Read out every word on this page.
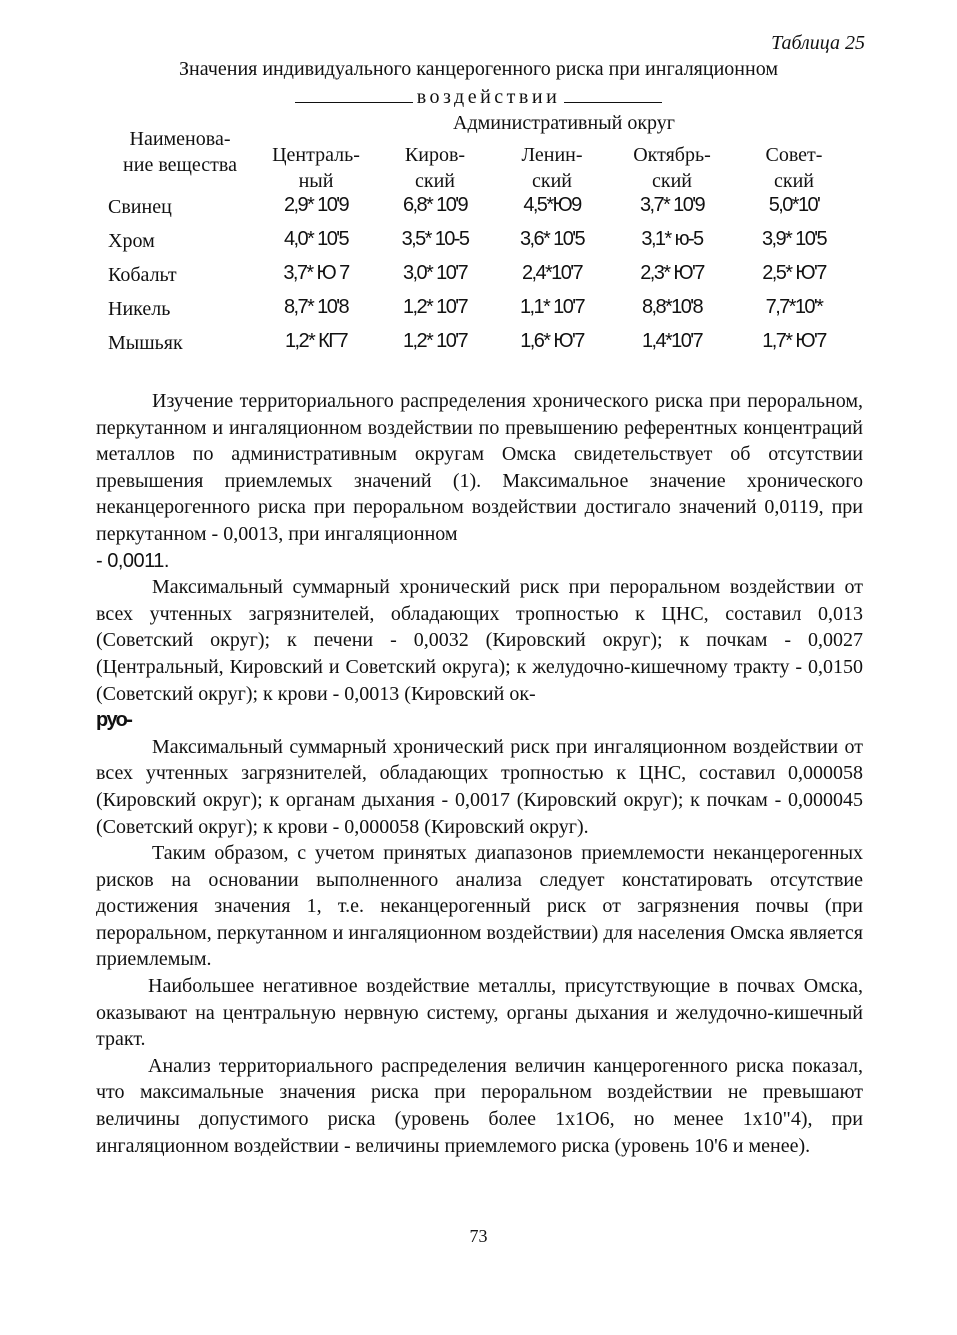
Таблица 25
Значения индивидуального канцерогенного риска при ингаляционном
воздействии
Наименова-
ние вещества
Административный округ
Централь-
ный
Киров-
ский
Ленин-
ский
Октябрь-
ский
Совет-
ский
Свинец	2,9* 10'9	6,8* 10'9	4,5*Ю9	3,7* 10'9	5,0*10'
Хром	4,0* 10'5	3,5* 10-5	3,6* 10'5	3,1* ю-5	3,9* 10'5
Кобальт	3,7* Ю 7	3,0* 10'7	2,4*10'7	2,3* Ю'7	2,5* Ю'7
Никель	8,7* 10'8	1,2* 10'7	1,1* 10'7	8,8*10'8	7,7*10'*
Мышьяк	1,2* КГ7	1,2* 10'7	1,6* Ю'7	1,4*10'7	1,7* Ю'7

Изучение территориального распределения хронического риска при пероральном, перкутанном и ингаляционном воздействии по превышению референтных концентраций металлов по административным округам Омска свидетельствует об отсутствии превышения приемлемых значений (1). Максимальное значение хронического неканцерогенного риска при пероральном воздействии достигало значений 0,0119, при перкутанном - 0,0013, при ингаляционном

- 0,0011.

Максимальный суммарный хронический риск при пероральном воздействии от всех учтенных загрязнителей, обладающих тропностью к ЦНС, составил 0,013 (Советский округ); к печени - 0,0032 (Кировский округ); к почкам - 0,0027 (Центральный, Кировский и Советский округа); к желудочно-кишечному тракту - 0,0150 (Советский округ); к крови - 0,0013 (Кировский ок-

руо-

Максимальный суммарный хронический риск при ингаляционном воздействии от всех учтенных загрязнителей, обладающих тропностью к ЦНС, составил 0,000058 (Кировский округ); к органам дыхания - 0,0017 (Кировский округ); к почкам - 0,000045 (Советский округ); к крови - 0,000058 (Кировский округ).

Таким образом, с учетом принятых диапазонов приемлемости неканцерогенных рисков на основании выполненного анализа следует констатировать отсутствие достижения значения 1, т.е. неканцерогенный риск от загрязнения почвы (при пероральном, перкутанном и ингаляционном воздействии) для населения Омска является приемлемым.

Наибольшее негативное воздействие металлы, присутствующие в почвах Омска, оказывают на центральную нервную систему, органы дыхания и желудочно-кишечный тракт.

Анализ территориального распределения величин канцерогенного риска показал, что максимальные значения риска при пероральном воздействии не превышают величины допустимого риска (уровень более 1x1О6, но менее 1x10"4), при ингаляционном воздействии - величины приемлемого риска (уровень 10'6 и менее).

73
